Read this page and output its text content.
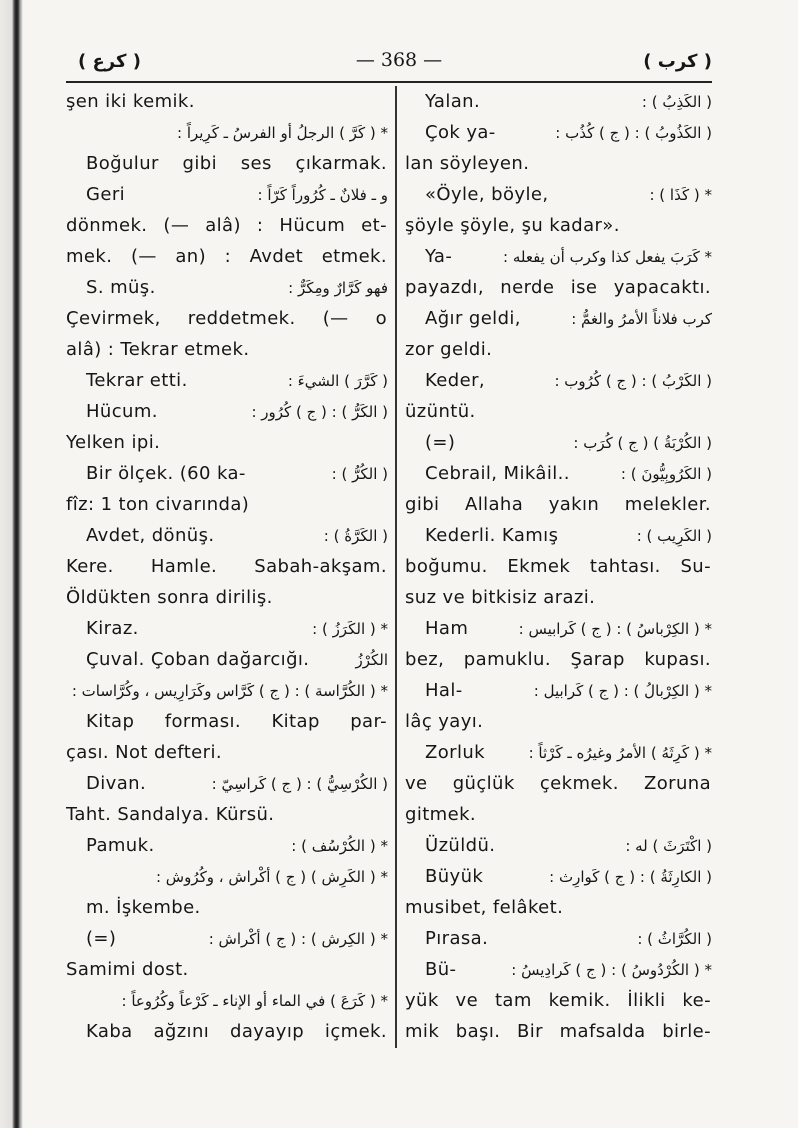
( كرع )	— 368 —	( كرب )
şen iki kemik.
* ( كَرَّ ) الرجلُ أو الفرسُ ـ كَرِيراً :
Boğulur gibi ses çıkarmak.
Geri	و ـ فلانٌ ـ كُرُوراً كَرّاً :
dönmek. (— alâ) : Hücum et-
mek. (— an) : Avdet etmek.
S. müş.	فهو كَرَّارٌ ومِكَرٌّ :
Çevirmek, reddetmek. (— o
alâ) : Tekrar etmek.
Tekrar etti.	( كَرَّرَ ) الشيءَ :
Hücum.	( الكَرُّ ) : ( ج ) كُرُور :
Yelken ipi.
Bir ölçek. (60 ka-	( الكُرُّ ) :
fîz: 1 ton civarında)
Avdet, dönüş.	( الكَرَّةُ ) :
Kere. Hamle. Sabah-akşam.
Öldükten sonra diriliş.
Kiraz.	* ( الكَرَزُ ) :
Çuval. Çoban dağarcığı.	الكُرْزُ
* ( الكُرَّاسة ) : ( ج ) كَرَّاس وكَرَارِيس ، وكُرَّاسات :
Kitap forması. Kitap par-
çası. Not defteri.
Divan.	( الكُرْسِيُّ ) : ( ج ) كَراسِيّ :
Taht. Sandalya. Kürsü.
Pamuk.	* ( الكُرْسُف ) :
* ( الكَرِش ) ( ج ) أكْراش ، وكُرُوش :
m. İşkembe.
(=)	* ( الكِرش ) : ( ج ) أكْراش :
Samimi dost.
* ( كَرَعَ ) في الماء أو الإناء ـ كَرْعاً وكُرُوعاً :
Kaba ağzını dayayıp içmek.
Yalan.	( الكَذِبُ ) :
Çok ya-	( الكَذُوبُ ) : ( ج ) كُذُب :
lan söyleyen.
«Öyle, böyle,	* ( كَذَا ) :
şöyle şöyle, şu kadar».
Ya-	* كَرَبَ يفعل كذا وكرب أن يفعله :
payazdı, nerde ise yapacaktı.
Ağır geldi,	كرب فلاناً الأمرُ والغمُّ :
zor geldi.
Keder,	( الكَرْبُ ) : ( ج ) كُرُوب :
üzüntü.
(=)	( الكُرْبَةُ ) ( ج ) كُرَب :
Cebrail, Mikâil..	( الكَرُوبِيُّونَ ) :
gibi Allaha yakın melekler.
Kederli. Kamış	( الكَرِيب ) :
boğumu. Ekmek tahtası. Su-
suz ve bitkisiz arazi.
Ham	* ( الكِرْباسُ ) : ( ج ) كَرابيس :
bez, pamuklu. Şarap kupası.
Hal-	* ( الكِرْبالُ ) : ( ج ) كَرابيل :
lâç yayı.
Zorluk	* ( كَرِثَهُ ) الأمرُ وغيرُه ـ كَرْثاً :
ve güçlük çekmek. Zoruna
gitmek.
Üzüldü.	( اكْتَرَثَ ) له :
Büyük	( الكارِثَةُ ) : ( ج ) كَوارِث :
musibet, felâket.
Pırasa.	( الكُرَّاثُ ) :
Bü-	* ( الكُرْدُوسُ ) : ( ج ) كَرادِيسُ :
yük ve tam kemik. İlikli ke-
mik başı. Bir mafsalda birle-
